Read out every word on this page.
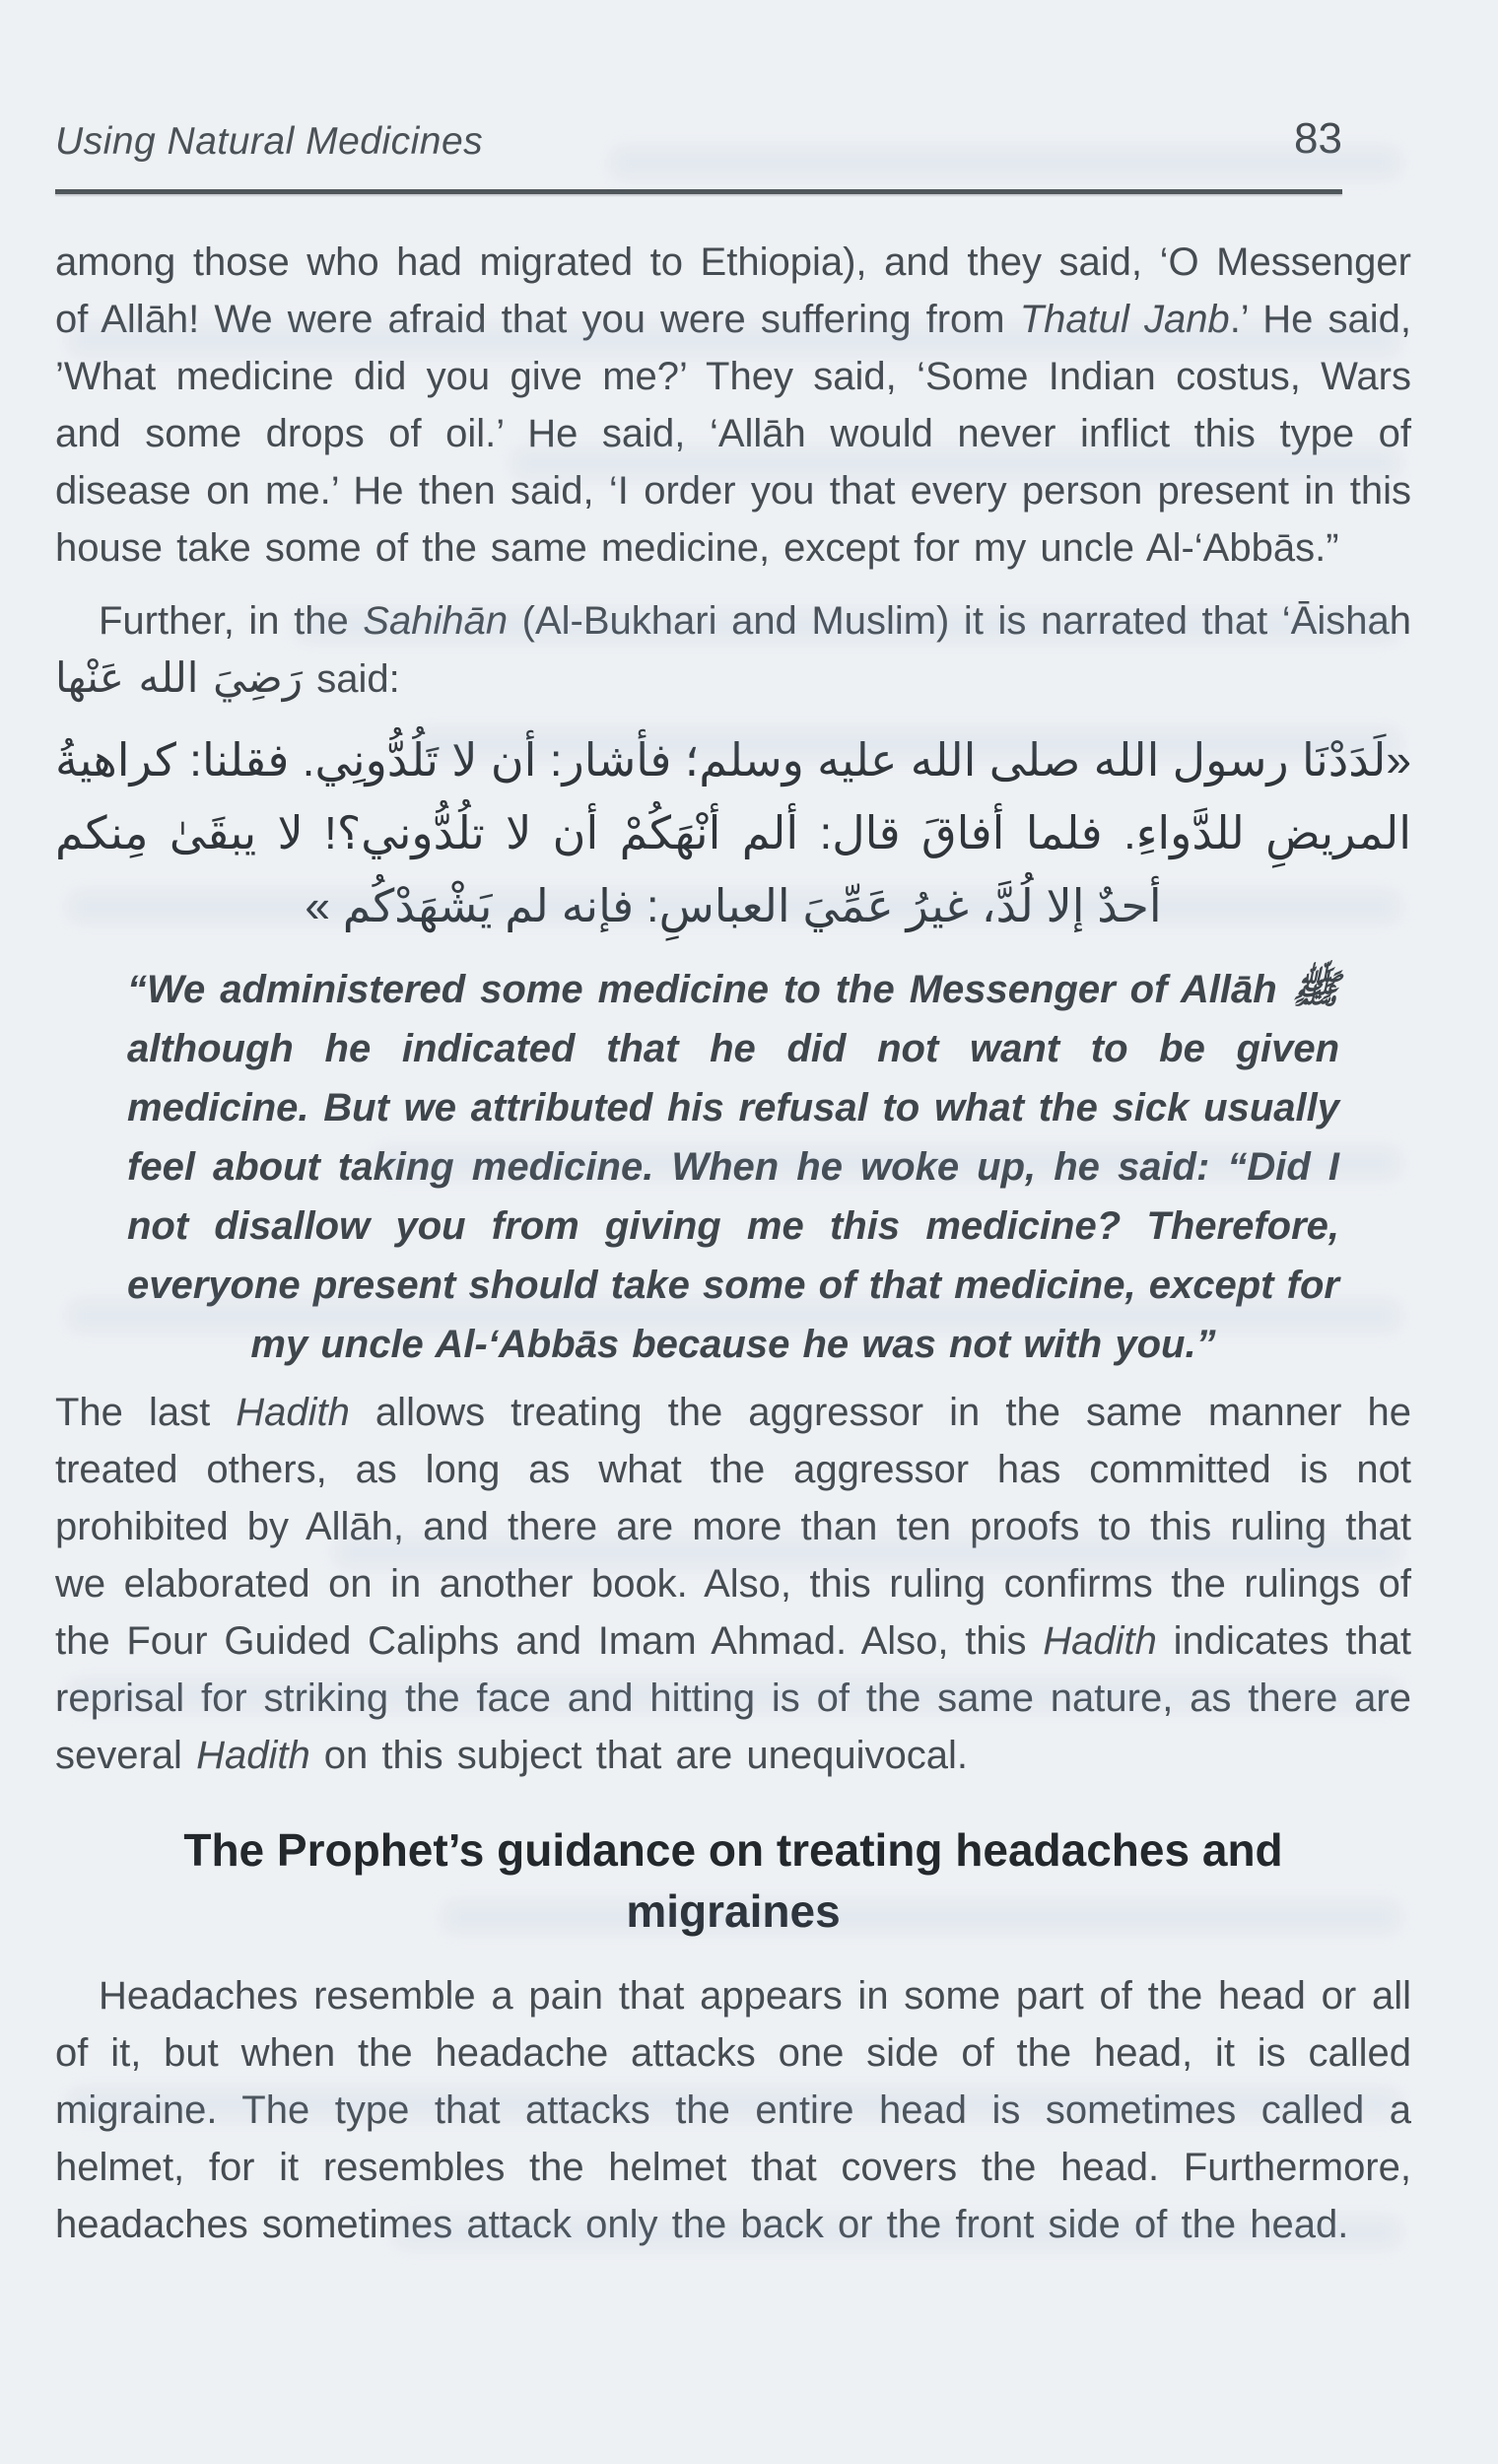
Using Natural Medicines	83

among those who had migrated to Ethiopia), and they said, ‘O Messenger of Allāh! We were afraid that you were suffering from Thatul Janb.’ He said, ’What medicine did you give me?’ They said, ‘Some Indian costus, Wars and some drops of oil.’ He said, ‘Allāh would never inflict this type of disease on me.’ He then said, ‘I order you that every person present in this house take some of the same medicine, except for my uncle Al-‘Abbās.”

Further, in the Sahihān (Al-Bukhari and Muslim) it is narrated that ‘Āishah رَضِيَ الله عَنْها said:

«لَدَدْنَا رسول الله صلى الله عليه وسلم؛ فأشار: أن لا تَلُدُّونِي. فقلنا: كراهيةُ
المريضِ للدَّواءِ. فلما أفاقَ قال: ألم أنْهَكُمْ أن لا تلُدُّوني؟! لا يبقَىٰ مِنكم
أحدٌ إلا لُدَّ، غيرُ عَمِّيَ العباسِ: فإنه لم يَشْهَدْكُم »
“We administered some medicine to the Messenger of Allāh ﷺ although he indicated that he did not want to be given medicine. But we attributed his refusal to what the sick usually feel about taking medicine. When he woke up, he said: “Did I not disallow you from giving me this medicine? Therefore, everyone present should take some of that medicine, except for my uncle Al-‘Abbās because he was not with you.”

The last Hadith allows treating the aggressor in the same manner he treated others, as long as what the aggressor has committed is not prohibited by Allāh, and there are more than ten proofs to this ruling that we elaborated on in another book. Also, this ruling confirms the rulings of the Four Guided Caliphs and Imam Ahmad. Also, this Hadith indicates that reprisal for striking the face and hitting is of the same nature, as there are several Hadith on this subject that are unequivocal.

The Prophet’s guidance on treating headaches and migraines

Headaches resemble a pain that appears in some part of the head or all of it, but when the headache attacks one side of the head, it is called migraine. The type that attacks the entire head is sometimes called a helmet, for it resembles the helmet that covers the head. Furthermore, headaches sometimes attack only the back or the front side of the head.
